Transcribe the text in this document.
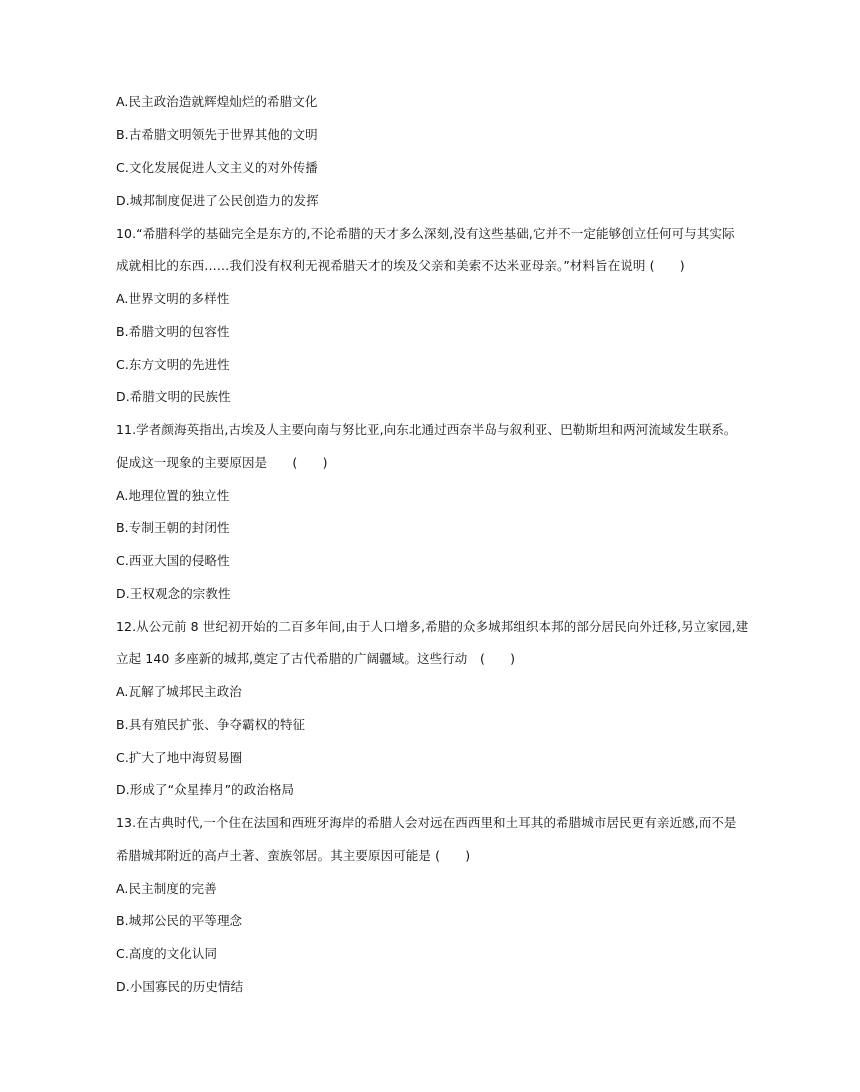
A.民主政治造就辉煌灿烂的希腊文化
B.古希腊文明领先于世界其他的文明
C.文化发展促进人文主义的对外传播
D.城邦制度促进了公民创造力的发挥
10.“希腊科学的基础完全是东方的,不论希腊的天才多么深刻,没有这些基础,它并不一定能够创立任何可与其实际
成就相比的东西……我们没有权利无视希腊天才的埃及父亲和美索不达米亚母亲。”材料旨在说明 (　　)
A.世界文明的多样性
B.希腊文明的包容性
C.东方文明的先进性
D.希腊文明的民族性
11.学者颜海英指出,古埃及人主要向南与努比亚,向东北通过西奈半岛与叙利亚、巴勒斯坦和两河流域发生联系。
促成这一现象的主要原因是　　(　　)
A.地理位置的独立性
B.专制王朝的封闭性
C.西亚大国的侵略性
D.王权观念的宗教性
12.从公元前 8 世纪初开始的二百多年间,由于人口增多,希腊的众多城邦组织本邦的部分居民向外迁移,另立家园,建
立起 140 多座新的城邦,奠定了古代希腊的广阔疆域。这些行动　(　　)
A.瓦解了城邦民主政治
B.具有殖民扩张、争夺霸权的特征
C.扩大了地中海贸易圈
D.形成了“众星捧月”的政治格局
13.在古典时代,一个住在法国和西班牙海岸的希腊人会对远在西西里和土耳其的希腊城市居民更有亲近感,而不是
希腊城邦附近的高卢土著、蛮族邻居。其主要原因可能是 (　　)
A.民主制度的完善
B.城邦公民的平等理念
C.高度的文化认同
D.小国寡民的历史情结
